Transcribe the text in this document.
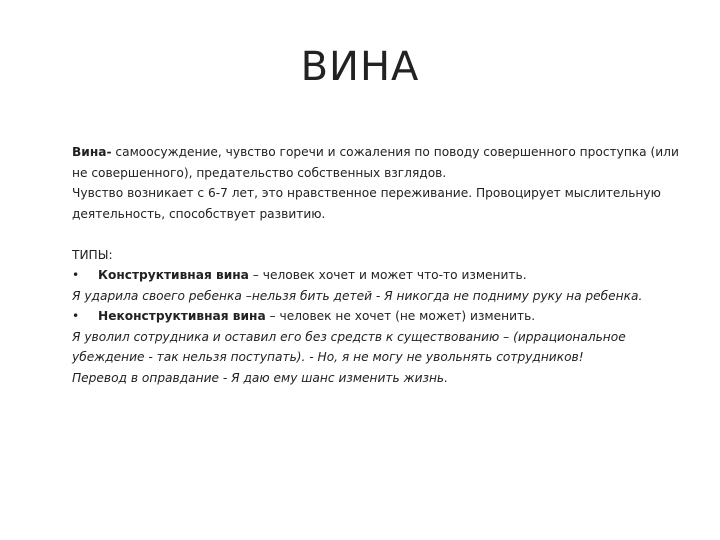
ВИНА

Вина- самоосуждение, чувство горечи и сожаления по поводу совершенного проступка (или не совершенного), предательство собственных взглядов.

Чувство возникает с 6-7 лет, это нравственное переживание. Провоцирует мыслительную деятельность, способствует развитию.

ТИПЫ:

•	Конструктивная вина – человек хочет и может что-то изменить.

Я ударила своего ребенка –нельзя бить детей - Я никогда не подниму руку на ребенка.

•	Неконструктивная вина – человек не хочет (не может) изменить.

Я уволил сотрудника и оставил его без средств к существованию – (иррациональное убеждение - так нельзя поступать). - Но, я не могу не увольнять сотрудников!

Перевод в оправдание - Я даю ему шанс изменить жизнь.
